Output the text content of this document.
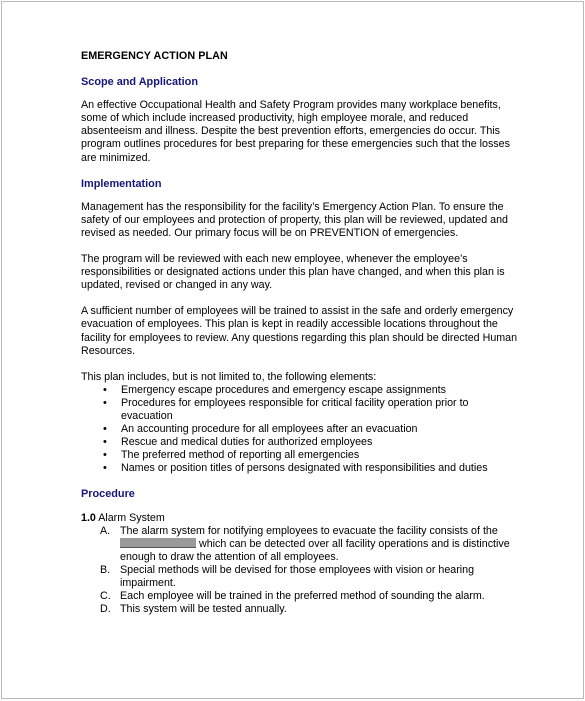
EMERGENCY ACTION PLAN
Scope and Application

An effective Occupational Health and Safety Program provides many workplace benefits, some of which include increased productivity, high employee morale, and reduced absenteeism and illness. Despite the best prevention efforts, emergencies do occur. This program outlines procedures for best preparing for these emergencies such that the losses are minimized.

Implementation

Management has the responsibility for the facility’s Emergency Action Plan. To ensure the safety of our employees and protection of property, this plan will be reviewed, updated and revised as needed. Our primary focus will be on PREVENTION of emergencies.

The program will be reviewed with each new employee, whenever the employee’s responsibilities or designated actions under this plan have changed, and when this plan is updated, revised or changed in any way.

A sufficient number of employees will be trained to assist in the safe and orderly emergency evacuation of employees. This plan is kept in readily accessible locations throughout the facility for employees to review. Any questions regarding this plan should be directed Human Resources.

This plan includes, but is not limited to, the following elements:

• Emergency escape procedures and emergency escape assignments
• Procedures for employees responsible for critical facility operation prior to evacuation
• An accounting procedure for all employees after an evacuation
• Rescue and medical duties for authorized employees
• The preferred method of reporting all emergencies
• Names or position titles of persons designated with responsibilities and duties
Procedure

1.0 Alarm System

A. The alarm system for notifying employees to evacuate the facility consists of the  which can be detected over all facility operations and is distinctive enough to draw the attention of all employees.
B. Special methods will be devised for those employees with vision or hearing impairment.
C. Each employee will be trained in the preferred method of sounding the alarm.
D. This system will be tested annually.
